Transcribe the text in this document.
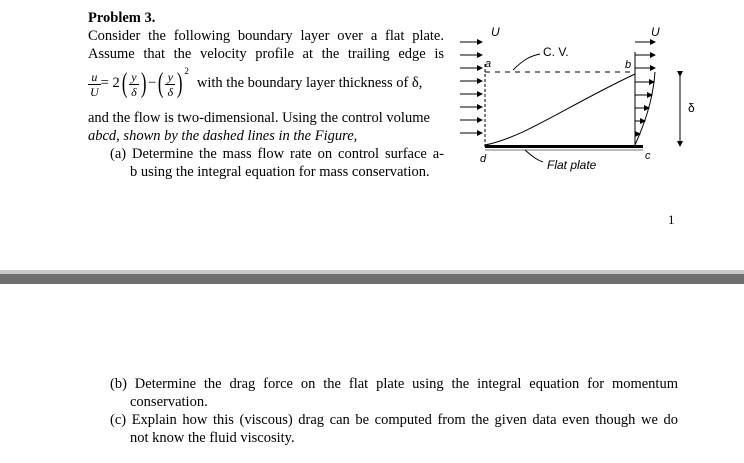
Problem 3.
Consider the following boundary layer over a flat plate.
Assume that the velocity profile at the trailing edge is
$\frac{u}{U} = 2$ ( $\frac{y}{\delta}$ ) − ( $\frac{y}{\delta} )^2$
with the boundary layer thickness of δ,
and the flow is two-dimensional. Using the control volume
abcd, shown by the dashed lines in the Figure,
(a) Determine the mass flow rate on control surface a-
b using the integral equation for mass conservation.
U	U
C. V.
a	b
c
d
δ
Flat plate
1
(b) Determine the drag force on the flat plate using the integral equation for momentum
conservation.
(c) Explain how this (viscous) drag can be computed from the given data even though we do
not know the fluid viscosity.
